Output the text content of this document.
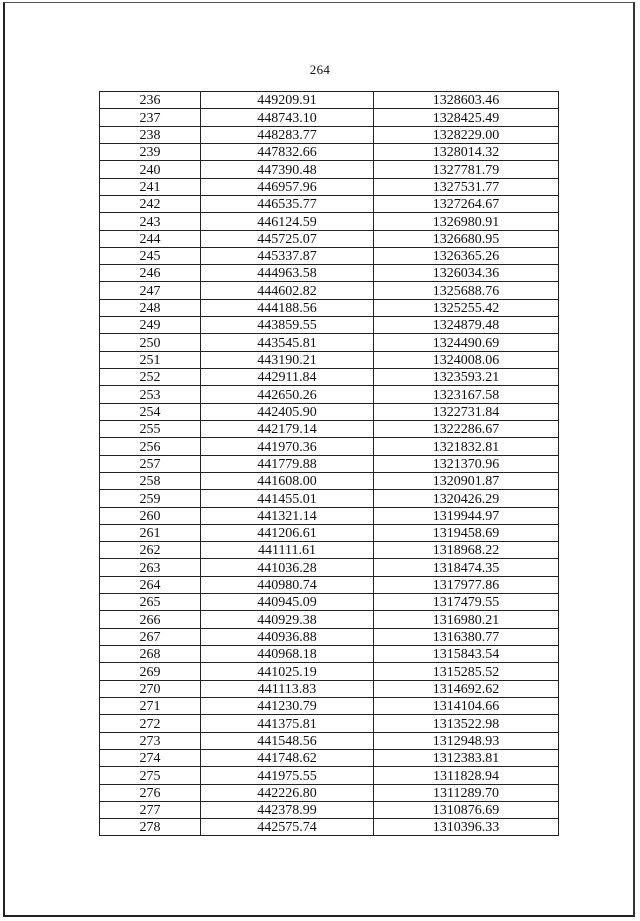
264
236	449209.91	1328603.46
237	448743.10	1328425.49
238	448283.77	1328229.00
239	447832.66	1328014.32
240	447390.48	1327781.79
241	446957.96	1327531.77
242	446535.77	1327264.67
243	446124.59	1326980.91
244	445725.07	1326680.95
245	445337.87	1326365.26
246	444963.58	1326034.36
247	444602.82	1325688.76
248	444188.56	1325255.42
249	443859.55	1324879.48
250	443545.81	1324490.69
251	443190.21	1324008.06
252	442911.84	1323593.21
253	442650.26	1323167.58
254	442405.90	1322731.84
255	442179.14	1322286.67
256	441970.36	1321832.81
257	441779.88	1321370.96
258	441608.00	1320901.87
259	441455.01	1320426.29
260	441321.14	1319944.97
261	441206.61	1319458.69
262	441111.61	1318968.22
263	441036.28	1318474.35
264	440980.74	1317977.86
265	440945.09	1317479.55
266	440929.38	1316980.21
267	440936.88	1316380.77
268	440968.18	1315843.54
269	441025.19	1315285.52
270	441113.83	1314692.62
271	441230.79	1314104.66
272	441375.81	1313522.98
273	441548.56	1312948.93
274	441748.62	1312383.81
275	441975.55	1311828.94
276	442226.80	1311289.70
277	442378.99	1310876.69
278	442575.74	1310396.33
